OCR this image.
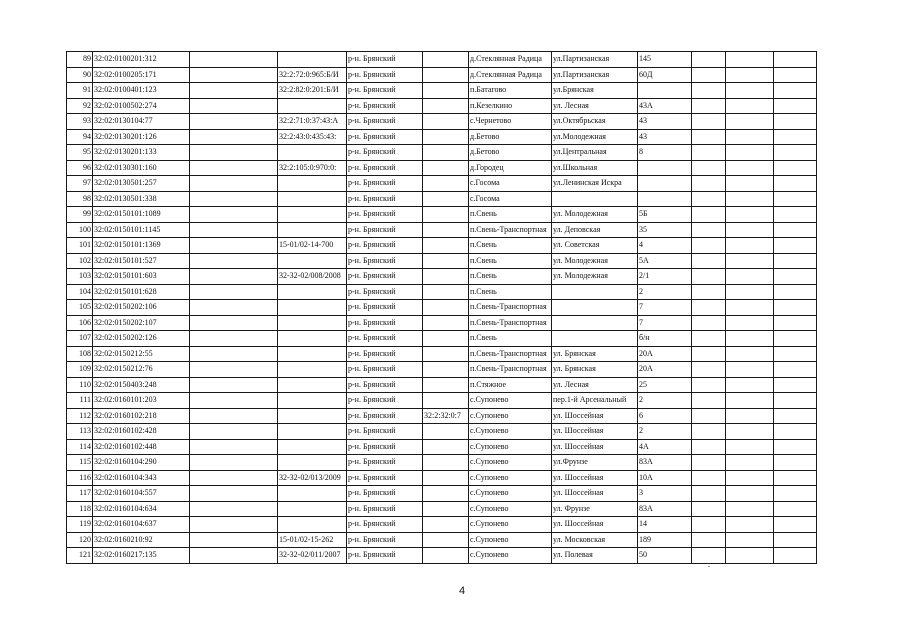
89	32:02:0100201:312			р-н. Брянский		д.Стеклянная Радица	ул.Партизанская	145			
90	32:02:0100205:171		32:2:72:0:965:Б/И	р-н. Брянский		д.Стеклянная Радица	ул.Партизанская	60Д			
91	32:02:0100401:123		32:2:82:0:201:Б/И	р-н. Брянский		п.Батагово	ул.Брянская				
92	32:02:0100502:274			р-н. Брянский		п.Кезелкино	ул. Лесная	43А			
93	32:02:0130104:77		32:2:71:0:37:43:А	р-н. Брянский		с.Чернетово	ул.Октябрьская	43			
94	32:02:0130201:126		32:2:43:0:435:43:	р-н. Брянский		д.Бетово	ул.Молодежная	43			
95	32:02:0130201:133			р-н. Брянский		д.Бетово	ул.Центральная	8			
96	32:02:0130301:160		32:2:105:0:970:0:	р-н. Брянский		д.Городец	ул.Школьная				
97	32:02:0130501:257			р-н. Брянский		с.Госома	ул.Ленинская Искра				
98	32:02:0130501:338			р-н. Брянский		с.Госома					
99	32:02:0150101:1089			р-н. Брянский		п.Свень	ул. Молодежная	5Б			
100	32:02:0150101:1145			р-н. Брянский		п.Свень-Транспортная	ул. Деповская	35			
101	32:02:0150101:1369		15-01/02-14-700	р-н. Брянский		п.Свень	ул. Советская	4			
102	32:02:0150101:527			р-н. Брянский		п.Свень	ул. Молодежная	5А			
103	32:02:0150101:603		32-32-02/008/2008	р-н. Брянский		п.Свень	ул. Молодежная	2/1			
104	32:02:0150101:628			р-н. Брянский		п.Свень		2			
105	32:02:0150202:106			р-н. Брянский		п.Свень-Транспортная		7			
106	32:02:0150202:107			р-н. Брянский		п.Свень-Транспортная		7			
107	32:02:0150202:126			р-н. Брянский		п.Свень		б/н			
108	32:02:0150212:55			р-н. Брянский		п.Свень-Транспортная	ул. Брянская	20А			
109	32:02:0150212:76			р-н. Брянский		п.Свень-Транспортная	ул. Брянская	20А			
110	32:02:0150403:248			р-н. Брянский		п.Стяжное	ул. Лесная	25			
111	32:02:0160101:203			р-н. Брянский		с.Супонево	пер.1-й Арсенальный	2			
112	32:02:0160102:218			р-н. Брянский	32:2:32:0:7	с.Супонево	ул. Шоссейная	6			
113	32:02:0160102:428			р-н. Брянский		с.Супонево	ул. Шоссейная	2			
114	32:02:0160102:448			р-н. Брянский		с.Супонево	ул. Шоссейная	4А			
115	32:02:0160104:290			р-н. Брянский		с.Супонево	ул.Фрунзе	83А			
116	32:02:0160104:343		32-32-02/013/2009	р-н. Брянский		с.Супонево	ул. Шоссейная	10А			
117	32:02:0160104:557			р-н. Брянский		с.Супонево	ул. Шоссейная	3			
118	32:02:0160104:634			р-н. Брянский		с.Супонево	ул. Фрунзе	83А			
119	32:02:0160104:637			р-н. Брянский		с.Супонево	ул. Шоссейная	14			
120	32:02:0160210:92		15-01/02-15-262	р-н. Брянский		с.Супонево	ул. Московская	189			
121	32:02:0160217:135		32-32-02/011/2007	р-н. Брянский		с.Супонево	ул. Полевая	50			
4
